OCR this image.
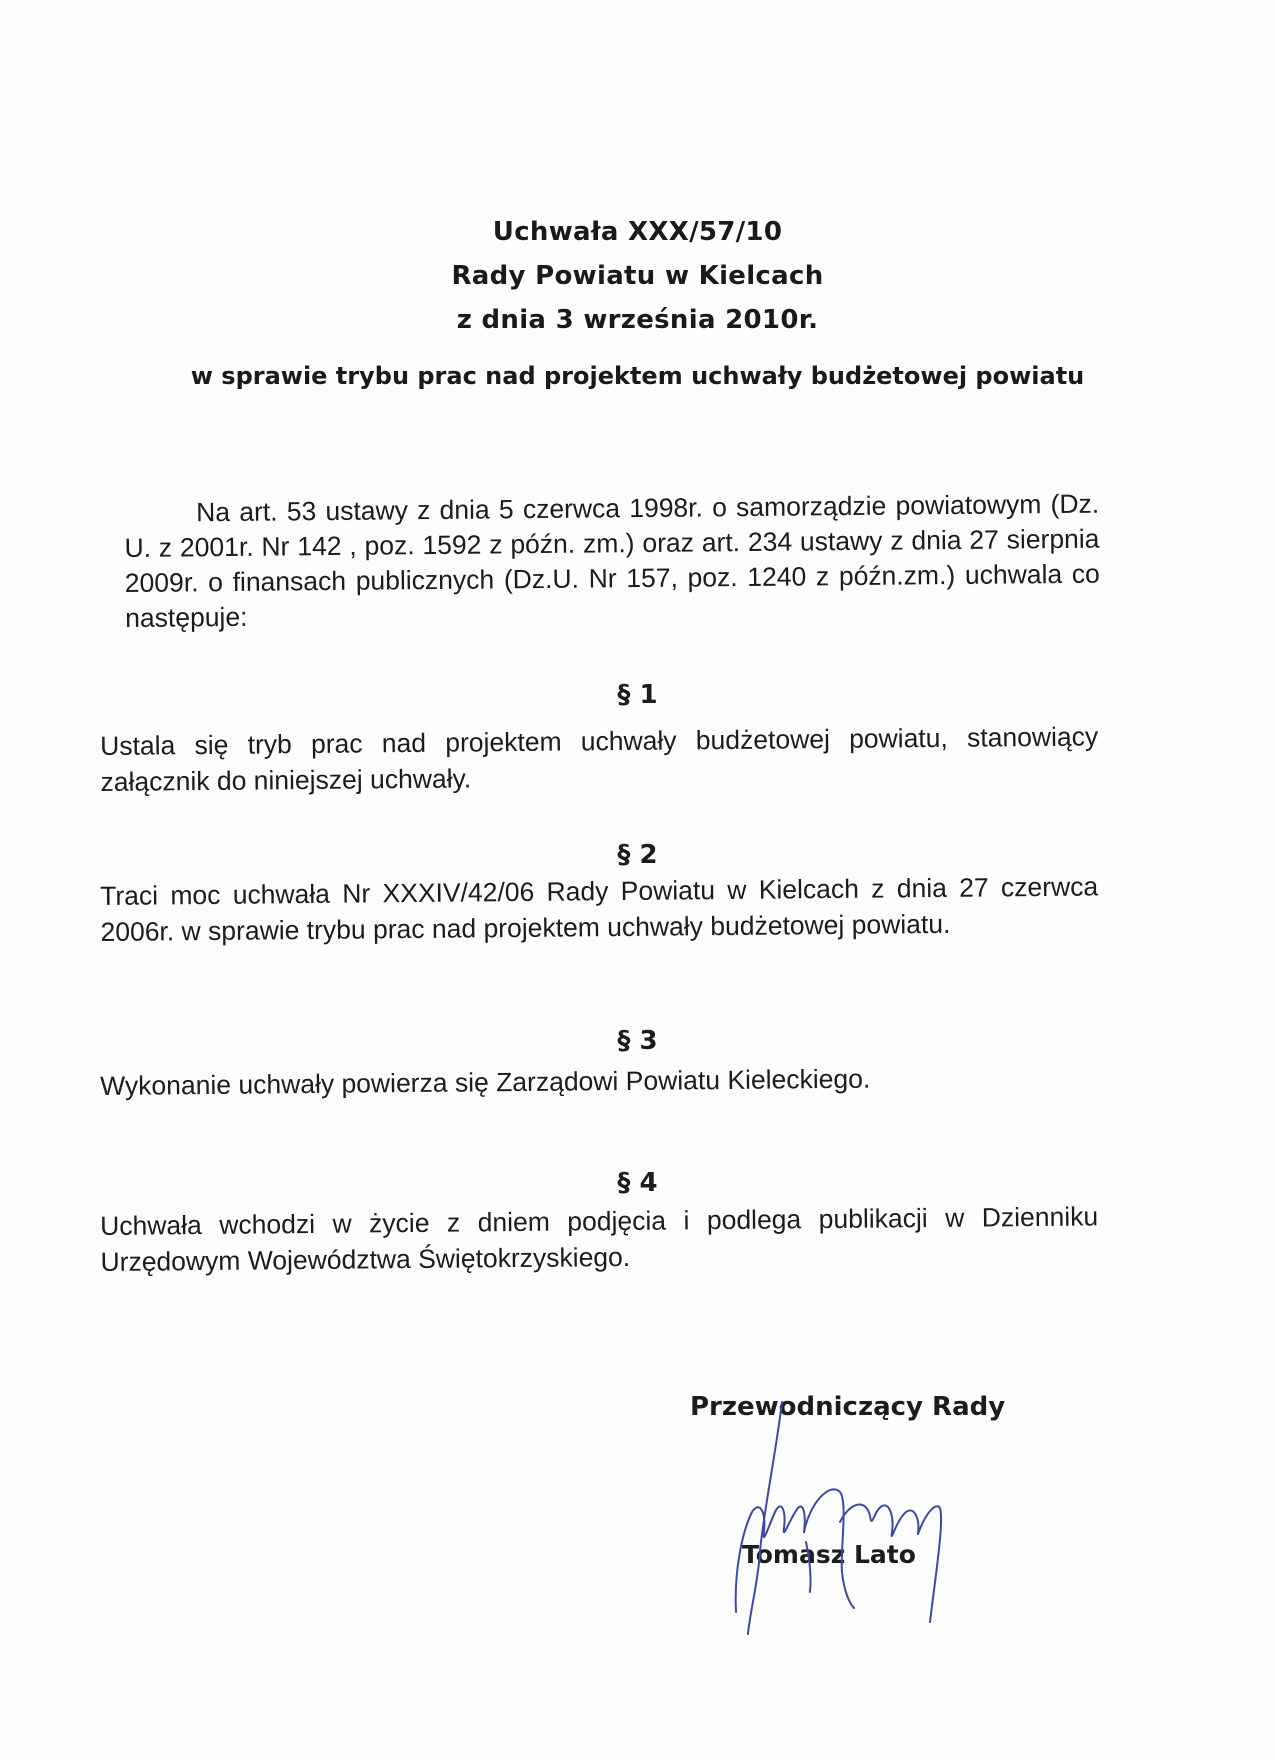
Uchwała XXX/57/10
Rady Powiatu w Kielcach
z dnia 3 września 2010r.
w sprawie trybu prac nad projektem uchwały budżetowej powiatu
Na art. 53 ustawy z dnia 5 czerwca 1998r. o samorządzie powiatowym (Dz. U. z 2001r. Nr 142 , poz. 1592 z późn. zm.) oraz art. 234 ustawy z dnia 27 sierpnia 2009r. o finansach publicznych (Dz.U. Nr 157, poz. 1240 z późn.zm.) uchwala co następuje:
§ 1
Ustala się tryb prac nad projektem uchwały budżetowej powiatu, stanowiący załącznik do niniejszej uchwały.
§ 2
Traci moc uchwała Nr XXXIV/42/06 Rady Powiatu w Kielcach z dnia 27 czerwca 2006r. w sprawie trybu prac nad projektem uchwały budżetowej powiatu.
§ 3
Wykonanie uchwały powierza się Zarządowi Powiatu Kieleckiego.
§ 4
Uchwała wchodzi w życie z dniem podjęcia i podlega publikacji w Dzienniku Urzędowym Województwa Świętokrzyskiego.
Przewodniczący Rady
Tomasz Lato
